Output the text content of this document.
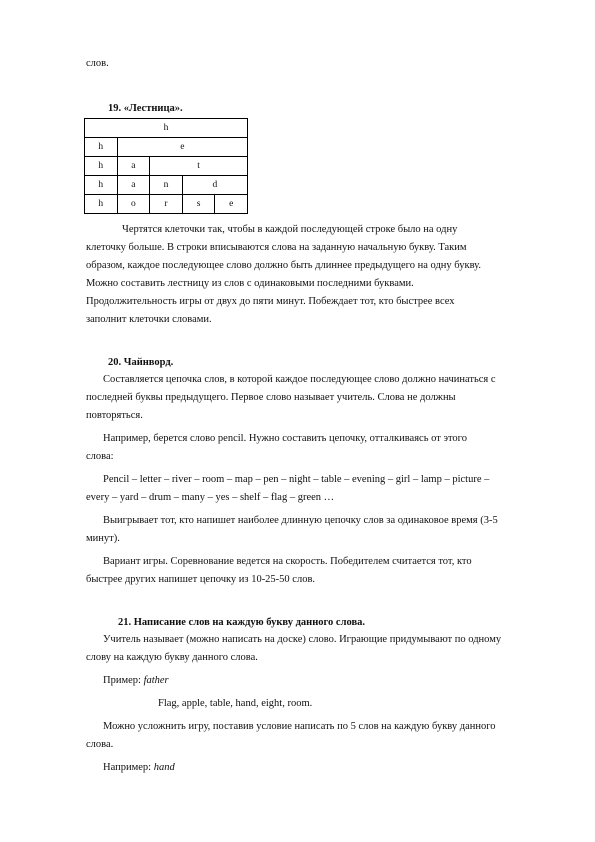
слов.
19. «Лестница».
h				
h	e			
h	a	t		
h	a	n	d	
h	o	r	s	e
Чертятся клеточки так, чтобы в каждой последующей строке было на одну
клеточку больше. В строки вписываются слова на заданную начальную букву. Таким
образом, каждое последующее слово должно быть длиннее предыдущего на одну букву.
Можно составить лестницу из слов с одинаковыми последними буквами.
Продолжительность игры от двух до пяти минут. Побеждает тот, кто быстрее всех
заполнит клеточки словами.
20. Чайнворд.
Составляется цепочка слов, в которой каждое последующее слово должно начинаться с
последней буквы предыдущего. Первое слово называет учитель. Слова не должны
повторяться.
Например, берется слово pencil. Нужно составить цепочку, отталкиваясь от этого
слова:
Pencil – letter – river – room – map – pen – night – table – evening – girl – lamp – picture –
every – yard – drum – many – yes – shelf – flag – green …
Выигрывает тот, кто напишет наиболее длинную цепочку слов за одинаковое время (3-5
минут).
Вариант игры. Соревнование ведется на скорость. Победителем считается тот, кто
быстрее других напишет цепочку из 10-25-50 слов.
21. Написание слов на каждую букву данного слова.
Учитель называет (можно написать на доске) слово. Играющие придумывают по одному
слову на каждую букву данного слова.
Пример: father
Flag, apple, table, hand, eight, room.
Можно усложнить игру, поставив условие написать по 5 слов на каждую букву данного
слова.
Например: hand
